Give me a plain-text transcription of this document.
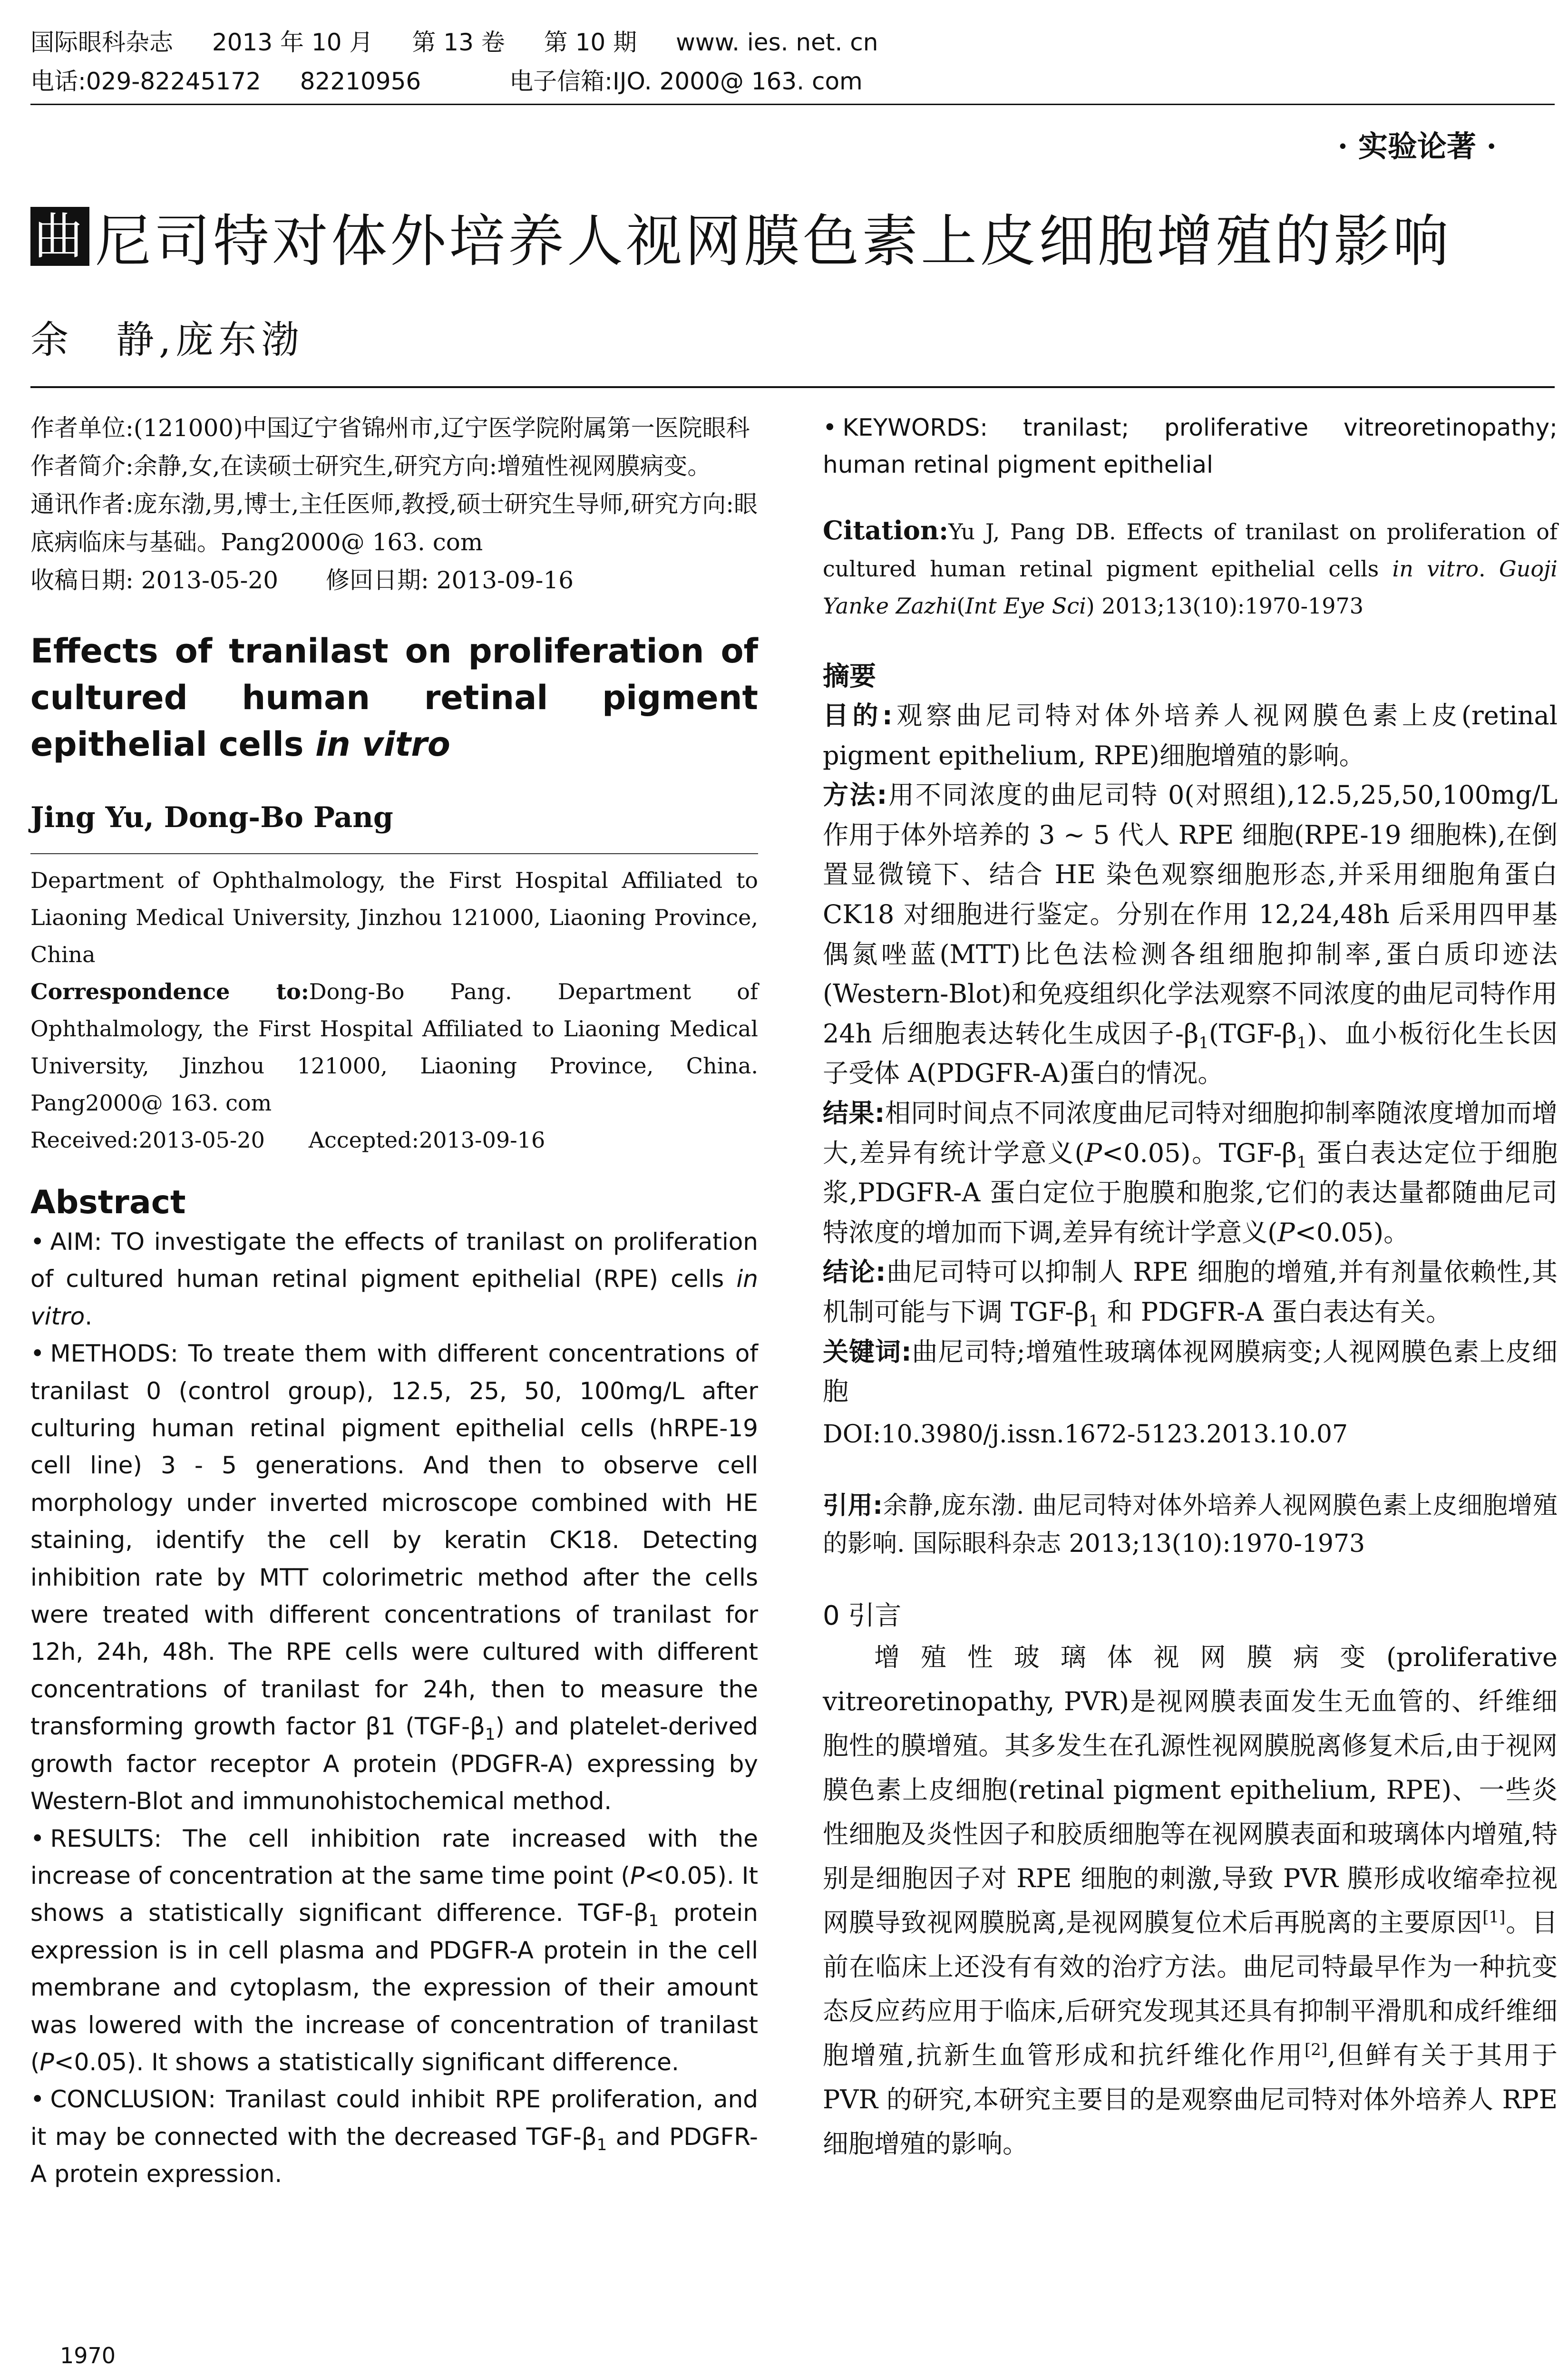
国际眼科杂志 2013 年 10 月 第 13 卷 第 10 期 www. ies. net. cn
电话:029-82245172 82210956	电子信箱:IJO. 2000@ 163. com
· 实验论著 ·
曲 尼司特对体外培养人视网膜色素上皮细胞增殖的影响
余　静,庞东渤

作者单位:(121000)中国辽宁省锦州市,辽宁医学院附属第一医院眼科

作者简介:余静,女,在读硕士研究生,研究方向:增殖性视网膜病变。

通讯作者:庞东渤,男,博士,主任医师,教授,硕士研究生导师,研究方向:眼底病临床与基础。Pang2000@ 163. com

收稿日期: 2013-05-20　　修回日期: 2013-09-16

Effects of tranilast on proliferation of cultured human retinal pigment epithelial cells in vitro
Jing Yu, Dong-Bo Pang
Department of Ophthalmology, the First Hospital Affiliated to Liaoning Medical University, Jinzhou 121000, Liaoning Province, China
Correspondence to:Dong-Bo Pang. Department of Ophthalmology, the First Hospital Affiliated to Liaoning Medical University, Jinzhou 121000, Liaoning Province, China. Pang2000@ 163. com
Received:2013-05-20　　Accepted:2013-09-16
Abstract

• AIM: TO investigate the effects of tranilast on proliferation of cultured human retinal pigment epithelial (RPE) cells in vitro.

• METHODS: To treate them with different concentrations of tranilast 0 (control group), 12.5, 25, 50, 100mg/L after culturing human retinal pigment epithelial cells (hRPE-19 cell line) 3 - 5 generations. And then to observe cell morphology under inverted microscope combined with HE staining, identify the cell by keratin CK18. Detecting inhibition rate by MTT colorimetric method after the cells were treated with different concentrations of tranilast for 12h, 24h, 48h. The RPE cells were cultured with different concentrations of tranilast for 24h, then to measure the transforming growth factor β1 $(TGF-\beta_1)$ and platelet-derived growth factor receptor A protein (PDGFR-A) expressing by Western-Blot and immunohistochemical method.

• RESULTS: The cell inhibition rate increased with the increase of concentration at the same time point (P<0.05). It shows a statistically significant difference. TGF-$\beta_1$ protein expression is in cell plasma and PDGFR-A protein in the cell membrane and cytoplasm, the expression of their amount was lowered with the increase of concentration of tranilast (P<0.05). It shows a statistically significant difference.

• CONCLUSION: Tranilast could inhibit RPE proliferation, and it may be connected with the decreased TGF-$\beta_1$ and PDGFR-A protein expression.

• KEYWORDS: tranilast; proliferative vitreoretinopathy; human retinal pigment epithelial

Citation:Yu J, Pang DB. Effects of tranilast on proliferation of cultured human retinal pigment epithelial cells in vitro. Guoji Yanke Zazhi(Int Eye Sci) 2013;13(10):1970-1973
摘要

目的:观察曲尼司特对体外培养人视网膜色素上皮(retinal pigment epithelium, RPE)细胞增殖的影响。

方法:用不同浓度的曲尼司特 0(对照组),12.5,25,50,100mg/L 作用于体外培养的 3 ~ 5 代人 RPE 细胞(RPE-19 细胞株),在倒置显微镜下、结合 HE 染色观察细胞形态,并采用细胞角蛋白 CK18 对细胞进行鉴定。分别在作用 12,24,48h 后采用四甲基偶氮唑蓝(MTT)比色法检测各组细胞抑制率,蛋白质印迹法(Western-Blot)和免疫组织化学法观察不同浓度的曲尼司特作用 24h 后细胞表达转化生成因子$-\beta_1(TGF-\beta_1)$、血小板衍化生长因子受体 A(PDGFR-A)蛋白的情况。

结果:相同时间点不同浓度曲尼司特对细胞抑制率随浓度增加而增大,差异有统计学意义(P<0.05)。TGF-$\beta_1$ 蛋白表达定位于细胞浆,PDGFR-A 蛋白定位于胞膜和胞浆,它们的表达量都随曲尼司特浓度的增加而下调,差异有统计学意义(P<0.05)。

结论:曲尼司特可以抑制人 RPE 细胞的增殖,并有剂量依赖性,其机制可能与下调 TGF-$\beta_1$ 和 PDGFR-A 蛋白表达有关。

关键词:曲尼司特;增殖性玻璃体视网膜病变;人视网膜色素上皮细胞

DOI:10.3980/j.issn.1672-5123.2013.10.07

引用:余静,庞东渤. 曲尼司特对体外培养人视网膜色素上皮细胞增殖的影响. 国际眼科杂志 2013;13(10):1970-1973
0 引言

增殖性玻璃体视网膜病变(proliferative vitreoretinopathy, PVR)是视网膜表面发生无血管的、纤维细胞性的膜增殖。其多发生在孔源性视网膜脱离修复术后,由于视网膜色素上皮细胞(retinal pigment epithelium, RPE)、一些炎性细胞及炎性因子和胶质细胞等在视网膜表面和玻璃体内增殖,特别是细胞因子对 RPE 细胞的刺激,导致 PVR 膜形成收缩牵拉视网膜导致视网膜脱离,是视网膜复位术后再脱离的主要原因[1]。目前在临床上还没有有效的治疗方法。曲尼司特最早作为一种抗变态反应药应用于临床,后研究发现其还具有抑制平滑肌和成纤维细胞增殖,抗新生血管形成和抗纤维化作用[2],但鲜有关于其用于 PVR 的研究,本研究主要目的是观察曲尼司特对体外培养人 RPE 细胞增殖的影响。

1970
